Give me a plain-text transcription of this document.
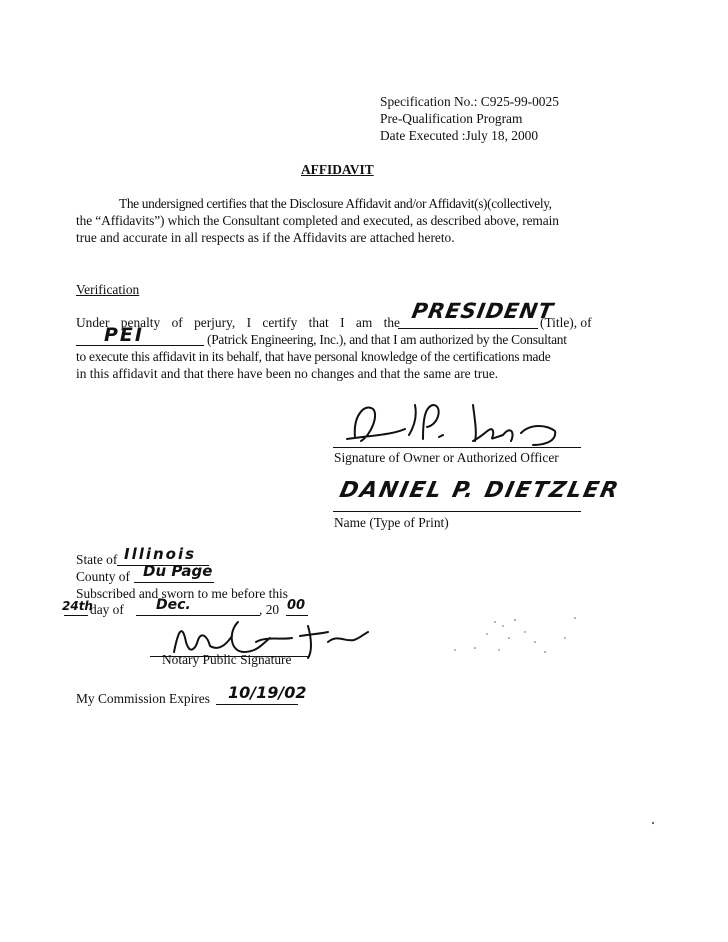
Specification No.: C925-99-0025
Pre-Qualification Program
Date Executed :July 18, 2000
AFFIDAVIT
The undersigned certifies that the Disclosure Affidavit and/or Affidavit(s)(collectively,
the “Affidavits”) which the Consultant completed and executed, as described above, remain
true and accurate in all respects as if the Affidavits are attached hereto.
Verification
Under penalty of perjury, I certify that I am the PRESIDENT
(Title), of
PEI	(Patrick Engineering, Inc.), and that I am authorized by the Consultant
to execute this affidavit in its behalf, that have personal knowledge of the certifications made
in this affidavit and that there have been no changes and that the same are true.
Signature of Owner or Authorized Officer
DANIEL P. DIETZLER
Name (Type of Print)
State of Illinois
County of Du Page
Subscribed and sworn to me before this
24th
day of Dec.	, 20 00
Notary Public Signature
My Commission Expires 10/19/02
